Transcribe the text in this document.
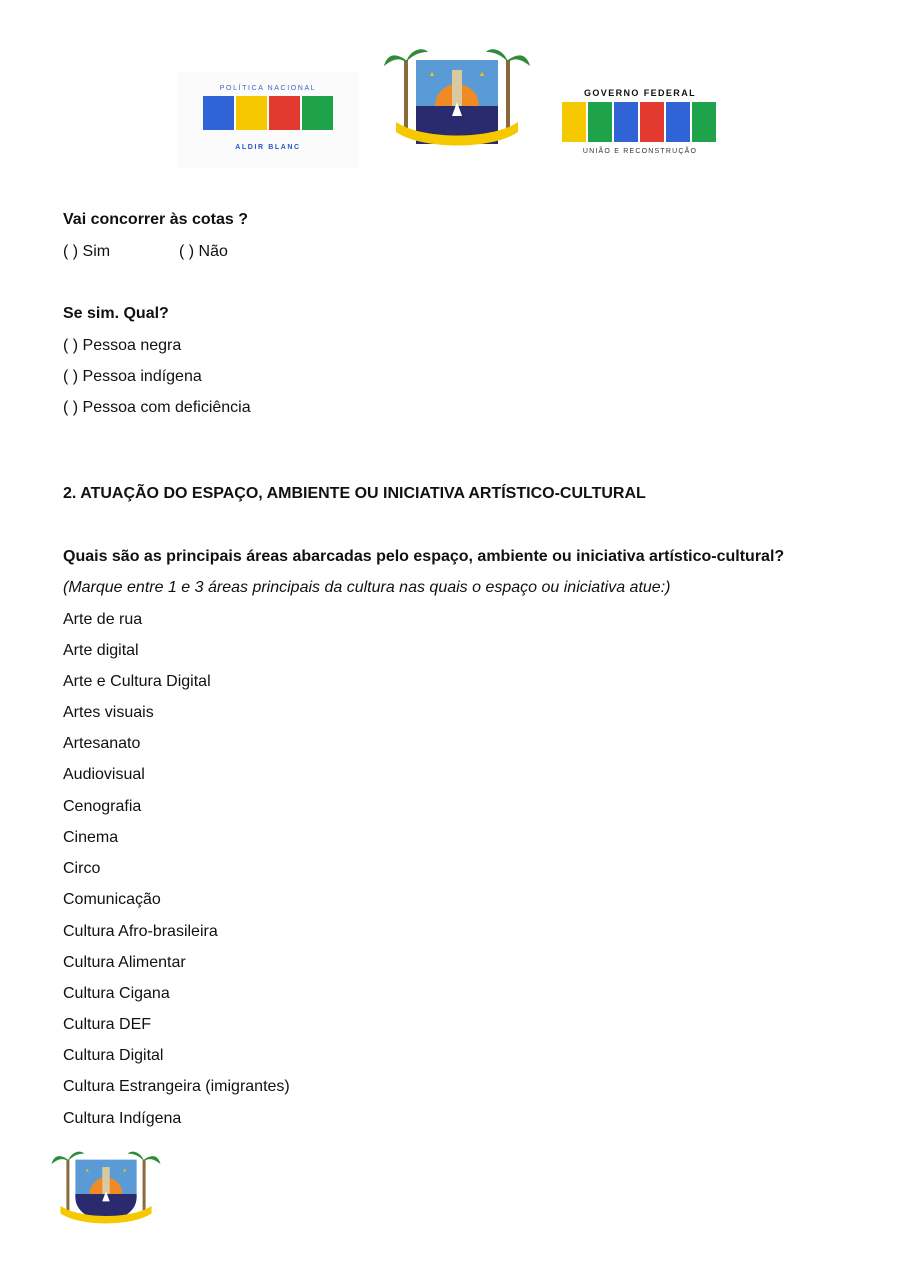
POLÍTICA NACIONAL
ALDIR BLANC
GOVERNO FEDERAL
UNIÃO E RECONSTRUÇÃO
Vai concorrer às cotas ?
( ) Sim	( ) Não
Se sim. Qual?
( ) Pessoa negra
( ) Pessoa indígena
( ) Pessoa com deficiência
2. ATUAÇÃO DO ESPAÇO, AMBIENTE OU INICIATIVA ARTÍSTICO-CULTURAL
Quais são as principais áreas abarcadas pelo espaço, ambiente ou iniciativa artístico-cultural?
(Marque entre 1 e 3 áreas principais da cultura nas quais o espaço ou iniciativa atue:)
Arte de rua
Arte digital
Arte e Cultura Digital
Artes visuais
Artesanato
Audiovisual
Cenografia
Cinema
Circo
Comunicação
Cultura Afro-brasileira
Cultura Alimentar
Cultura Cigana
Cultura DEF
Cultura Digital
Cultura Estrangeira (imigrantes)
Cultura Indígena
